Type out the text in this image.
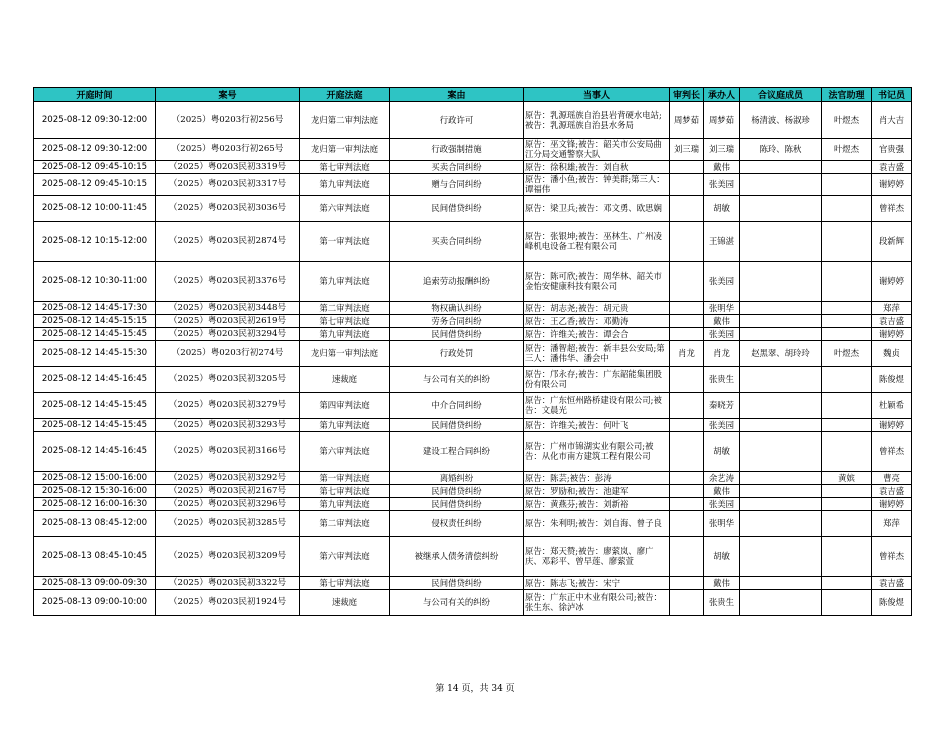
开庭时间	案号	开庭法庭	案由	当事人	审判长	承办人	合议庭成员	法官助理	书记员
2025-08-12 09:30-12:00	（2025）粤0203行初256号	龙归第二审判法庭	行政许可	原告：乳源瑶族自治县岩背硬水电站;被告：乳源瑶族自治县水务局	周梦茹	周梦茹	杨清波、杨淑珍	叶煜杰	肖大吉
2025-08-12 09:30-12:00	（2025）粤0203行初265号	龙归第一审判法庭	行政强制措施	原告：巫文锋;被告：韶关市公安局曲江分局交通警察大队	刘三瑞	刘三瑞	陈玲、陈秋	叶煜杰	官贵强
2025-08-12 09:45-10:15	（2025）粤0203民初3319号	第七审判法庭	买卖合同纠纷	原告：徐积雄;被告：刘自秋		戴伟			袁吉盛
2025-08-12 09:45-10:15	（2025）粤0203民初3317号	第九审判法庭	赠与合同纠纷	原告：潘小鱼;被告：钟美群;第三人：谭福伟		张美园			谢婷婷
2025-08-12 10:00-11:45	（2025）粤0203民初3036号	第六审判法庭	民间借贷纠纷	原告：梁卫兵;被告：邓文勇、欧思娴		胡敏			曾祥杰
2025-08-12 10:15-12:00	（2025）粤0203民初2874号	第一审判法庭	买卖合同纠纷	原告：张银坤;被告：巫林生、广州凌峰机电设备工程有限公司		王锦湛			段新辉
2025-08-12 10:30-11:00	（2025）粤0203民初3376号	第九审判法庭	追索劳动报酬纠纷	原告：陈可欣;被告：周华林、韶关市金怡安健康科技有限公司		张美园			谢婷婷
2025-08-12 14:45-17:30	（2025）粤0203民初3448号	第二审判法庭	物权确认纠纷	原告：胡志尧;被告：胡元贵		张明华			郑萍
2025-08-12 14:45-15:15	（2025）粤0203民初2619号	第七审判法庭	劳务合同纠纷	原告：王乙香;被告：邓勤涛		戴伟			袁吉盛
2025-08-12 14:45-15:45	（2025）粤0203民初3294号	第九审判法庭	民间借贷纠纷	原告：许维关;被告：谭会合		张美园			谢婷婷
2025-08-12 14:45-15:30	（2025）粤0203行初274号	龙归第一审判法庭	行政处罚	原告：潘智超;被告：新丰县公安局;第三人：潘伟华、潘会中	肖龙	肖龙	赵黑翠、胡玲玲	叶煜杰	魏贞
2025-08-12 14:45-16:45	（2025）粤0203民初3205号	速裁庭	与公司有关的纠纷	原告：邝永存;被告：广东韶能集团股份有限公司		张贵生			陈俊煜
2025-08-12 14:45-15:45	（2025）粤0203民初3279号	第四审判法庭	中介合同纠纷	原告：广东恒州路桥建设有限公司;被告：文晨光		秦晓芳			杜颖希
2025-08-12 14:45-15:45	（2025）粤0203民初3293号	第九审判法庭	民间借贷纠纷	原告：许维关;被告：何叶飞		张美园			谢婷婷
2025-08-12 14:45-16:45	（2025）粤0203民初3166号	第六审判法庭	建设工程合同纠纷	原告：广州市锦湖实业有限公司;被告：从化市南方建筑工程有限公司		胡敏			曾祥杰
2025-08-12 15:00-16:00	（2025）粤0203民初3292号	第一审判法庭	离婚纠纷	原告：陈芸;被告：彭涛		余艺涛		黄嫔	曹亮
2025-08-12 15:30-16:00	（2025）粤0203民初2167号	第七审判法庭	民间借贷纠纷	原告：罗励和;被告：池建军		戴伟			袁吉盛
2025-08-12 16:00-16:30	（2025）粤0203民初3296号	第九审判法庭	民间借贷纠纷	原告：黄燕芬;被告：刘新裕		张美园			谢婷婷
2025-08-13 08:45-12:00	（2025）粤0203民初3285号	第二审判法庭	侵权责任纠纷	原告：朱利明;被告：刘自海、曾子良		张明华			郑萍
2025-08-13 08:45-10:45	（2025）粤0203民初3209号	第六审判法庭	被继承人债务清偿纠纷	原告：郑天赞;被告：廖萦岚、廖广庆、邓彩平、曾早莲、廖萦萱		胡敏			曾祥杰
2025-08-13 09:00-09:30	（2025）粤0203民初3322号	第七审判法庭	民间借贷纠纷	原告：陈志飞;被告：宋宁		戴伟			袁吉盛
2025-08-13 09:00-10:00	（2025）粤0203民初1924号	速裁庭	与公司有关的纠纷	原告：广东正中木业有限公司;被告：张生东、徐泸冰		张贵生			陈俊煜
第 14 页，共 34 页
